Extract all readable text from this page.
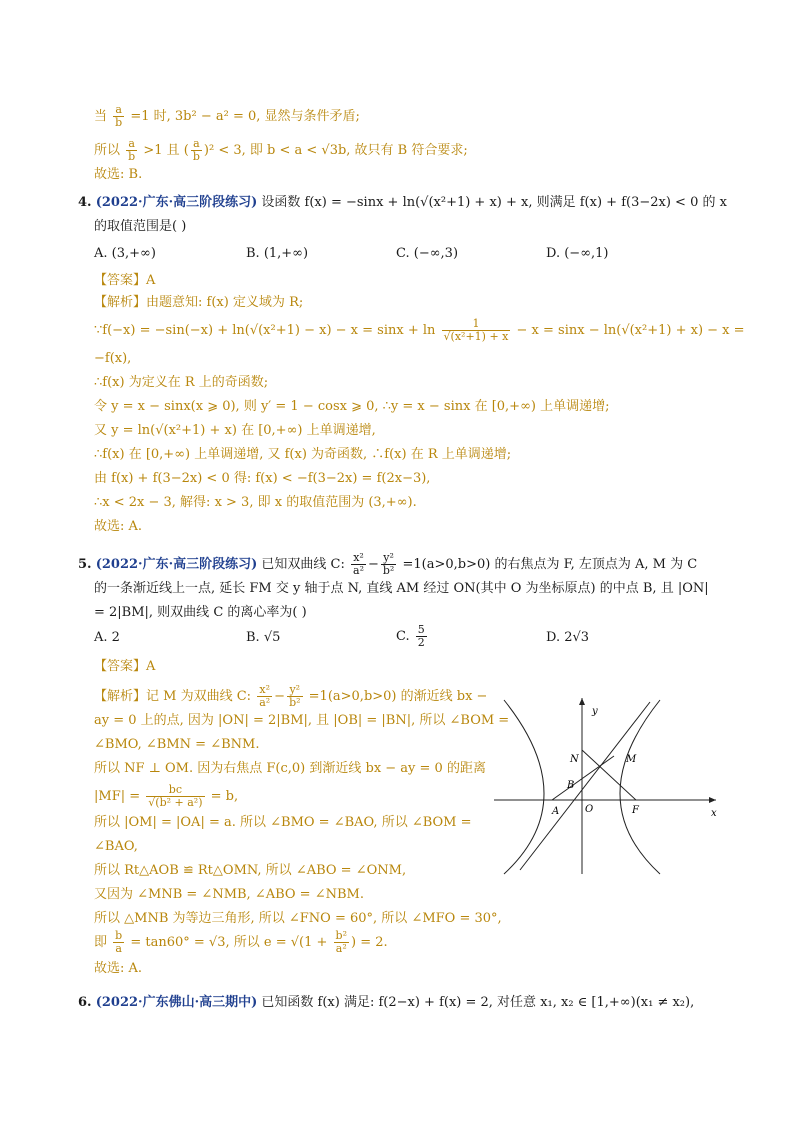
当 $\frac{a}{b} =1$ 时, 3b² − a² = 0, 显然与条件矛盾;
所以 $\frac{a}{b} >1$ 且 ( $\frac{a}{b} )^2 < 3$, 即 b < a < √3b, 故只有 B 符合要求;
故选: B.
4. (2022·广东·高三阶段练习) 设函数 f(x) = −sinx + ln(√(x²+1) + x) + x, 则满足 f(x) + f(3−2x) < 0 的 x
的取值范围是( )
A. (3,+∞)	B. (1,+∞)	C. (−∞,3)	D. (−∞,1)
【答案】A
【解析】由题意知: f(x) 定义域为 R;
∵f(−x) = $-\sin(-x) + \ln(√(x^2+1) - x) - x = \sin x + \ln \frac{1}{\text{√(x²+1) + x}} - x = \sin x - \ln(√(x^2+1) + x) - x$ =
−f(x),
∴f(x) 为定义在 R 上的奇函数;
令 y = x − sinx(x ⩾ 0), 则 y′ = 1 − cosx ⩾ 0, ∴y = x − sinx 在 [0,+∞) 上单调递增;
又 y = ln(√(x²+1) + x) 在 [0,+∞) 上单调递增,
∴f(x) 在 [0,+∞) 上单调递增, 又 f(x) 为奇函数, ∴f(x) 在 R 上单调递增;
由 f(x) + f(3−2x) < 0 得: f(x) < −f(3−2x) = f(2x−3),
∴x < 2x − 3, 解得: x > 3, 即 x 的取值范围为 (3,+∞).
故选: A.
5. (2022·广东·高三阶段练习) 已知双曲线 C: $\frac{\text{x²}}{\text{a²}} - \frac{\text{y²}}{\text{b²}} =1(a>0,b>0)$ 的右焦点为 F, 左顶点为 A, M 为 C
的一条渐近线上一点, 延长 FM 交 y 轴于点 N, 直线 AM 经过 ON(其中 O 为坐标原点) 的中点 B, 且 |ON|
= 2|BM|, 则双曲线 C 的离心率为( )
A. 2	B. √5	C. $\frac{5}{2}$	D. 2√3
【答案】A
【解析】记 M 为双曲线 C: $\frac{\text{x²}}{\text{a²}} - \frac{\text{y²}}{\text{b²}} =1(a>0,b>0)$ 的渐近线 bx −
ay = 0 上的点, 因为 |ON| = 2|BM|, 且 |OB| = |BN|, 所以 ∠BOM =
∠BMO, ∠BMN = ∠BNM.
所以 NF ⊥ OM. 因为右焦点 F(c,0) 到渐近线 bx − ay = 0 的距离
$|MF| = \frac{bc}{\text{√(b² + a²)}} = b$,
所以 |OM| = |OA| = a. 所以 ∠BMO = ∠BAO, 所以 ∠BOM =
∠BAO,
所以 Rt△AOB ≌ Rt△OMN, 所以 ∠ABO = ∠ONM,
又因为 ∠MNB = ∠NMB, ∠ABO = ∠NBM.
所以 △MNB 为等边三角形, 所以 ∠FNO = 60°, 所以 ∠MFO = 30°,
即 $\frac{b}{a} = \tan 60^\circ = √3$, 所以 $e = √(1 + \frac{\text{b²}}{\text{a²}}$ ) = 2.
故选: A.
y
x
N	M
B
A	O	F
6. (2022·广东佛山·高三期中) 已知函数 f(x) 满足: f(2−x) + f(x) = 2, 对任意 x₁, x₂ ∈ [1,+∞)(x₁ ≠ x₂),
